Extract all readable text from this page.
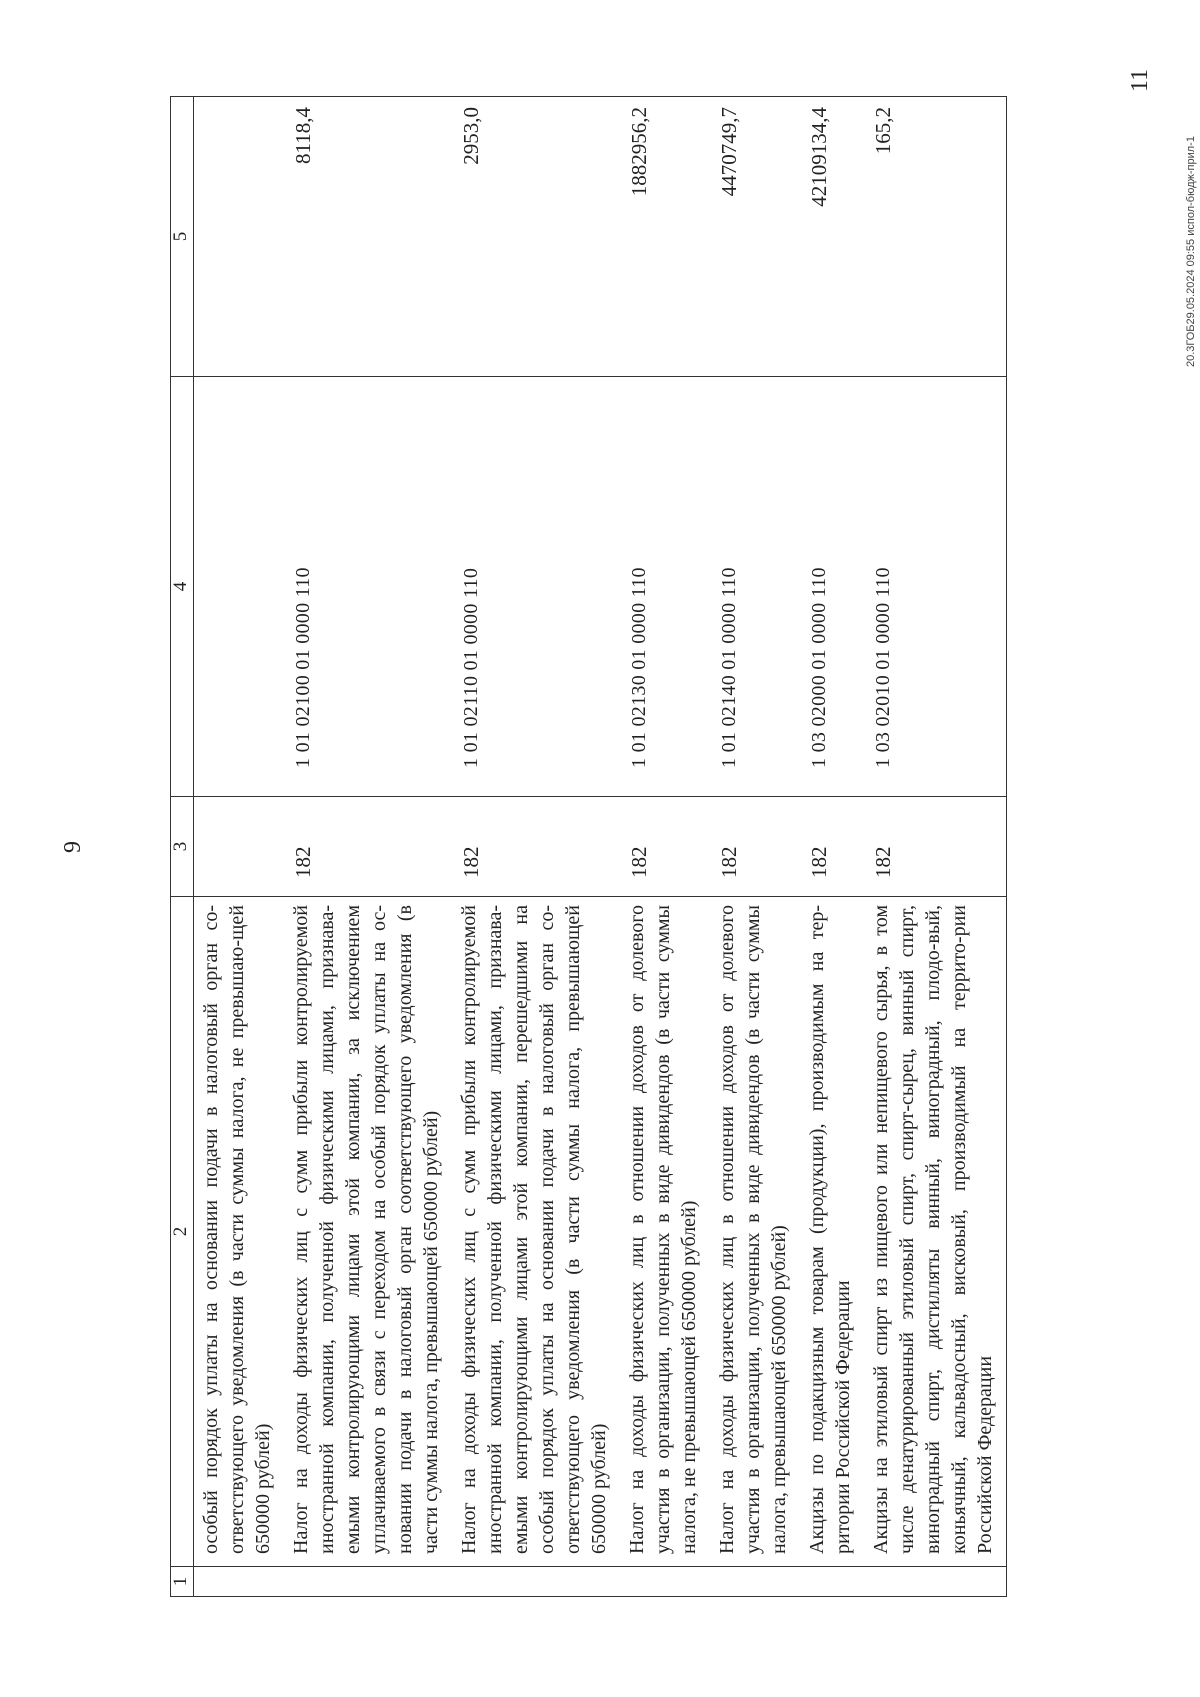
9
1	2	3	4	5
	особый порядок уплаты на основании подачи в налоговый орган со-ответствующего уведомления (в части суммы налога, не превышаю-щей 650000 рублей)			
	Налог на доходы физических лиц с сумм прибыли контролируемой иностранной компании, полученной физическими лицами, признава-емыми контролирующими лицами этой компании, за исключением уплачиваемого в связи с переходом на особый порядок уплаты на ос-новании подачи в налоговый орган соответствующего уведомления (в части суммы налога, превышающей 650000 рублей)	182	1 01 02100 01 0000 110	8118,4
	Налог на доходы физических лиц с сумм прибыли контролируемой иностранной компании, полученной физическими лицами, признава-емыми контролирующими лицами этой компании, перешедшими на особый порядок уплаты на основании подачи в налоговый орган со-ответствующего уведомления (в части суммы налога, превышающей 650000 рублей)	182	1 01 02110 01 0000 110	2953,0
	Налог на доходы физических лиц в отношении доходов от долевого участия в организации, полученных в виде дивидендов (в части суммы налога, не превышающей 650000 рублей)	182	1 01 02130 01 0000 110	1882956,2
	Налог на доходы физических лиц в отношении доходов от долевого участия в организации, полученных в виде дивидендов (в части суммы налога, превышающей 650000 рублей)	182	1 01 02140 01 0000 110	4470749,7
	Акцизы по подакцизным товарам (продукции), производимым на тер-ритории Российской Федерации	182	1 03 02000 01 0000 110	42109134,4
	Акцизы на этиловый спирт из пищевого или непищевого сырья, в том числе денатурированный этиловый спирт, спирт-сырец, винный спирт, виноградный спирт, дистилляты винный, виноградный, плодо-вый, коньячный, кальвадосный, висковый, производимый на террито-рии Российской Федерации	182	1 03 02010 01 0000 110	165,2
11
20.3ГОБ29.05.2024 09:55 испол-бюдж-прил-1
